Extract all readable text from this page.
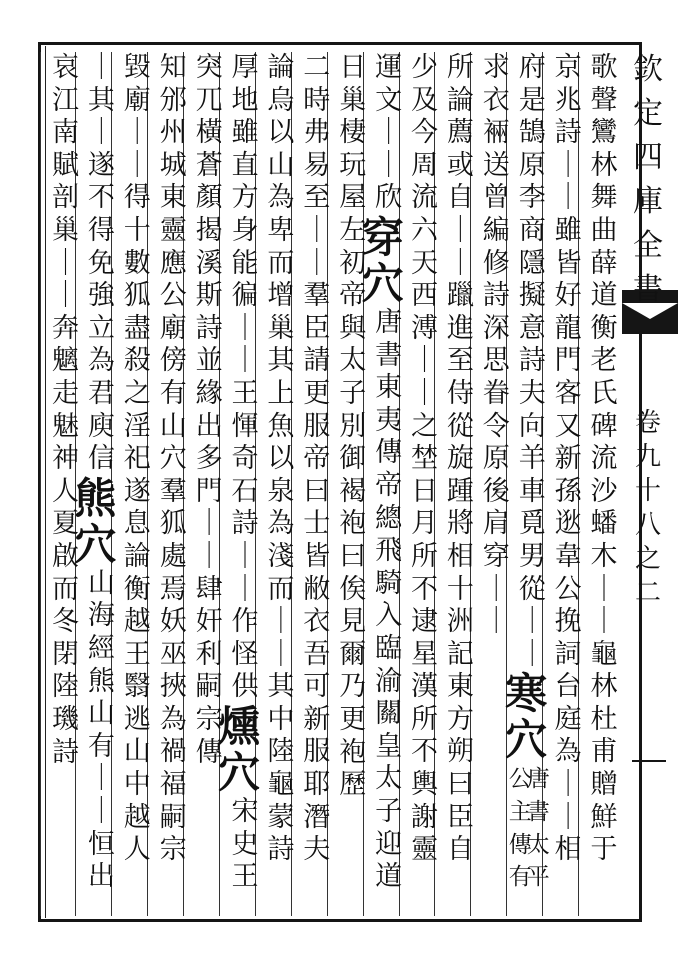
欽
定
四
庫
全
書
卷
九
十
八
之
二
歌
聲
鸞
林
舞
曲
薛
道
衡
老
氏
碑
流
沙
蟠
木
｜
｜
龜
林
杜
甫
贈
鮮
于
京
兆
詩
｜
｜
雖
皆
好
龍
門
客
又
新
孫
逖
韋
公
挽
詞
台
庭
為
｜
｜
相
府
是
鵠
原
李
商
隱
擬
意
詩
夫
向
羊
車
覓
男
從
｜
｜
寒
穴
唐
書
太
平
公
主
傳
有
求
衣
裲
送
曾
編
修
詩
深
思
眷
令
原
後
肩
穿
｜
｜
所
論
薦
或
自
｜
｜
躐
進
至
侍
從
旋
踵
將
相
十
洲
記
東
方
朔
曰
臣
自
少
及
今
周
流
六
天
西
溥
｜
｜
之
埜
日
月
所
不
逮
星
漢
所
不
輿
謝
靈
運
文
｜
｜
欣
穿
穴
唐
書
東
夷
傳
帝
總
飛
騎
入
臨
渝
關
皇
太
子
迎
道
日
巢
棲
玩
屋
左
初
帝
與
太
子
別
御
褐
袍
曰
俟
見
爾
乃
更
袍
歷
二
時
弗
易
至
｜
｜
羣
臣
請
更
服
帝
曰
士
皆
敝
衣
吾
可
新
服
耶
潛
夫
論
烏
以
山
為
卑
而
增
巢
其
上
魚
以
泉
為
淺
而
｜
｜
其
中
陸
龜
蒙
詩
厚
地
雖
直
方
身
能
徧
｜
｜
王
惲
奇
石
詩
｜
｜
作
怪
供
燻
穴
宋
史
王
突
兀
橫
蒼
顏
揭
溪
斯
詩
並
緣
出
多
門
｜
｜
肆
奸
利
嗣
宗
傳
知
邠
州
城
東
靈
應
公
廟
傍
有
山
穴
羣
狐
處
焉
妖
巫
挾
為
禍
福
嗣
宗
毀
廟
｜
｜
得
十
數
狐
盡
殺
之
淫
祀
遂
息
論
衡
越
王
翳
逃
山
中
越
人
｜
其
｜
遂
不
得
免
強
立
為
君
庾
信
熊
穴
山
海
經
熊
山
有
｜
｜
恒
出
哀
江
南
賦
剖
巢
｜
｜
奔
魑
走
魅
神
人
夏
啟
而
冬
閉
陸
璣
詩
